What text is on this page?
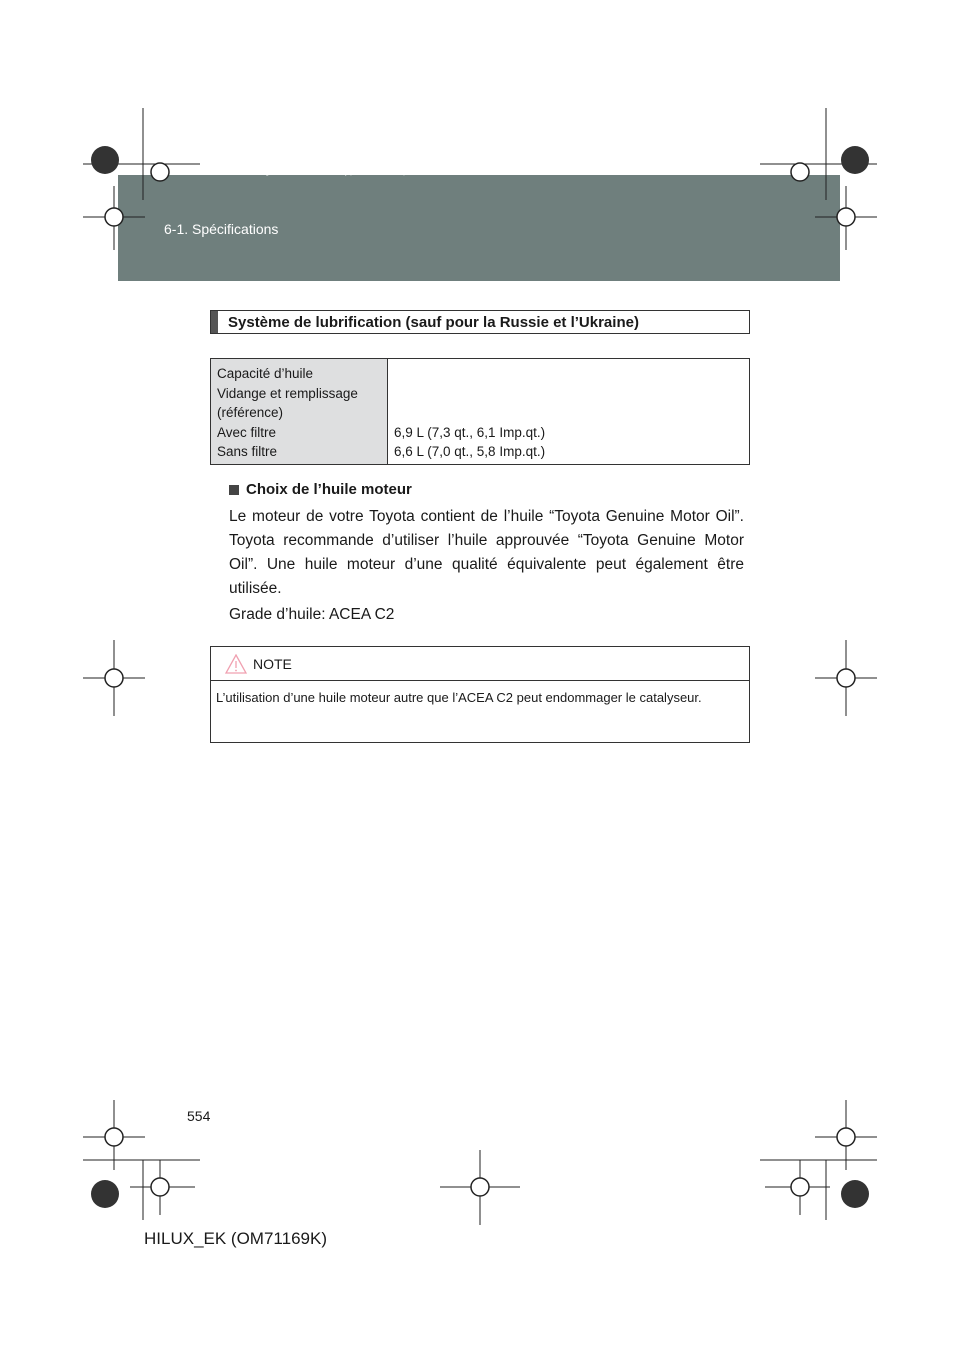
6-1. Spécifications
HILUX_EK.book Page 554 Wednesday, March 23, 2011 3:03 PM
Système de lubrification (sauf pour la Russie et l’Ukraine)
Capacité d’huile
Vidange et remplissage
(référence)
Avec filtre
Sans filtre
6,9 L (7,3 qt., 6,1 Imp.qt.)
6,6 L (7,0 qt., 5,8 Imp.qt.)
Choix de l’huile moteur
Le moteur de votre Toyota contient de l’huile “Toyota Genuine Motor Oil”. Toyota recommande d’utiliser l’huile approuvée “Toyota Genuine Motor Oil”. Une huile moteur d’une qualité équivalente peut également être utilisée.
Grade d’huile: ACEA C2
NOTE
L’utilisation d’une huile moteur autre que l’ACEA C2 peut endommager le catalyseur.
554
HILUX_EK (OM71169K)
